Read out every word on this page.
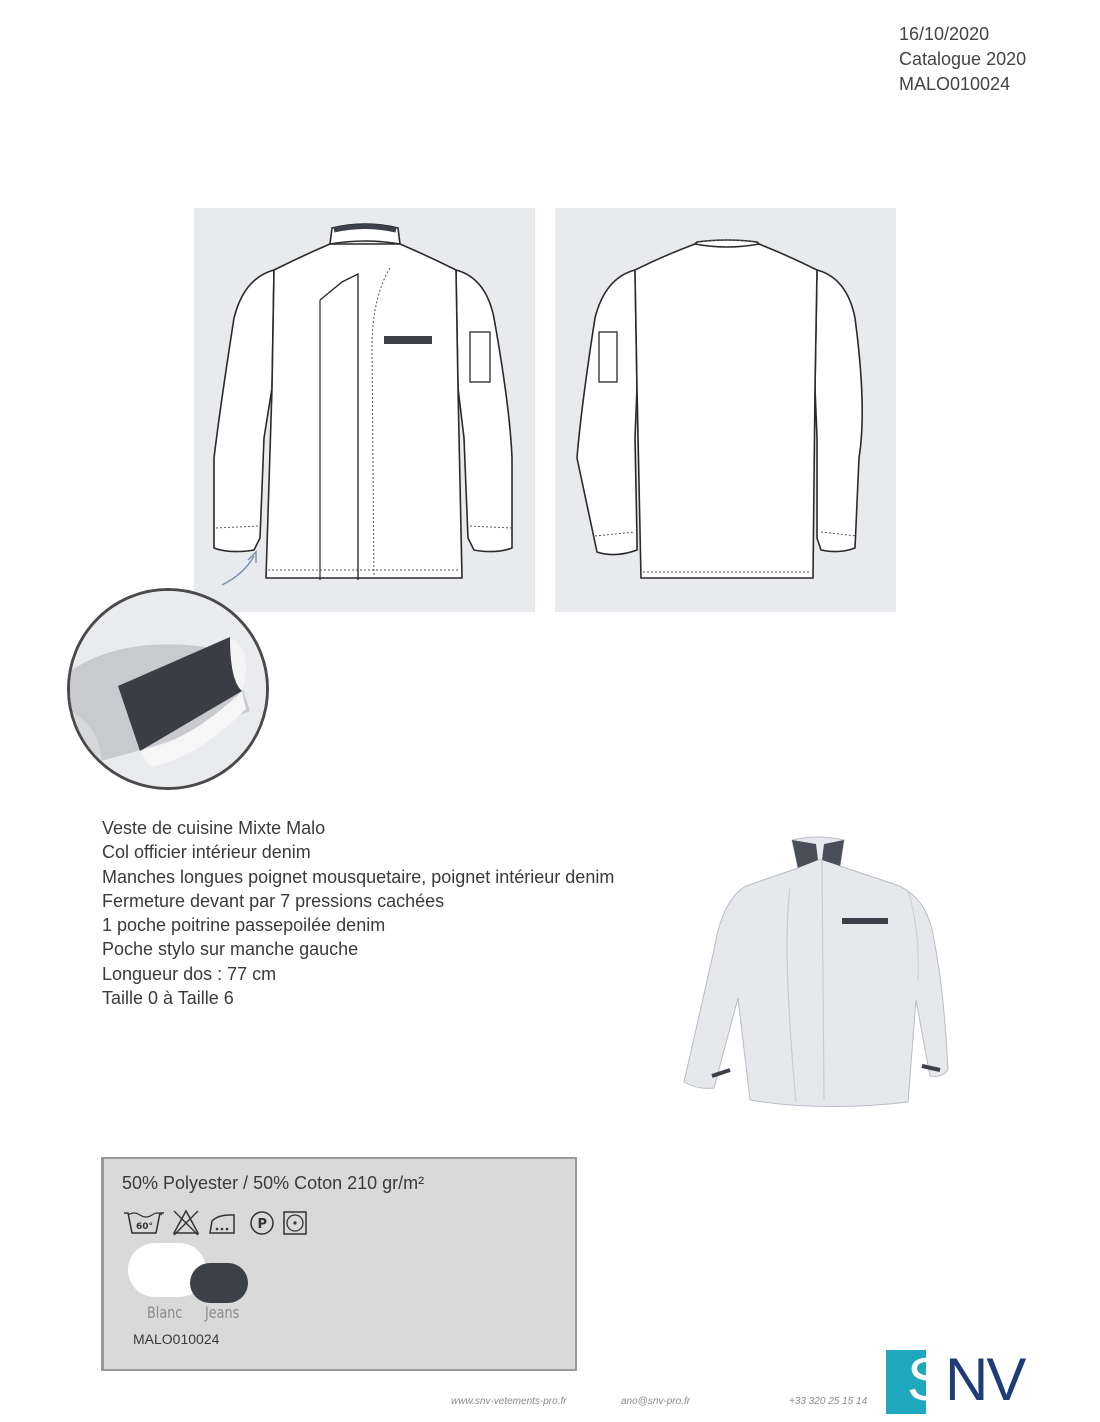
16/10/2020
Catalogue 2020
MALO010024
Veste de cuisine Mixte Malo
Col officier intérieur denim
Manches longues poignet mousquetaire, poignet intérieur denim
Fermeture devant par 7 pressions cachées
1 poche poitrine passepoilée denim
Poche stylo sur manche gauche
Longueur dos : 77 cm
Taille 0 à Taille 6
50% Polyester / 50% Coton 210 gr/m²
60°	P
Blanc Jeans
MALO010024
www.snv-vetements-pro.fr	ano@snv-pro.fr	+33 320 25 15 14 SNV
